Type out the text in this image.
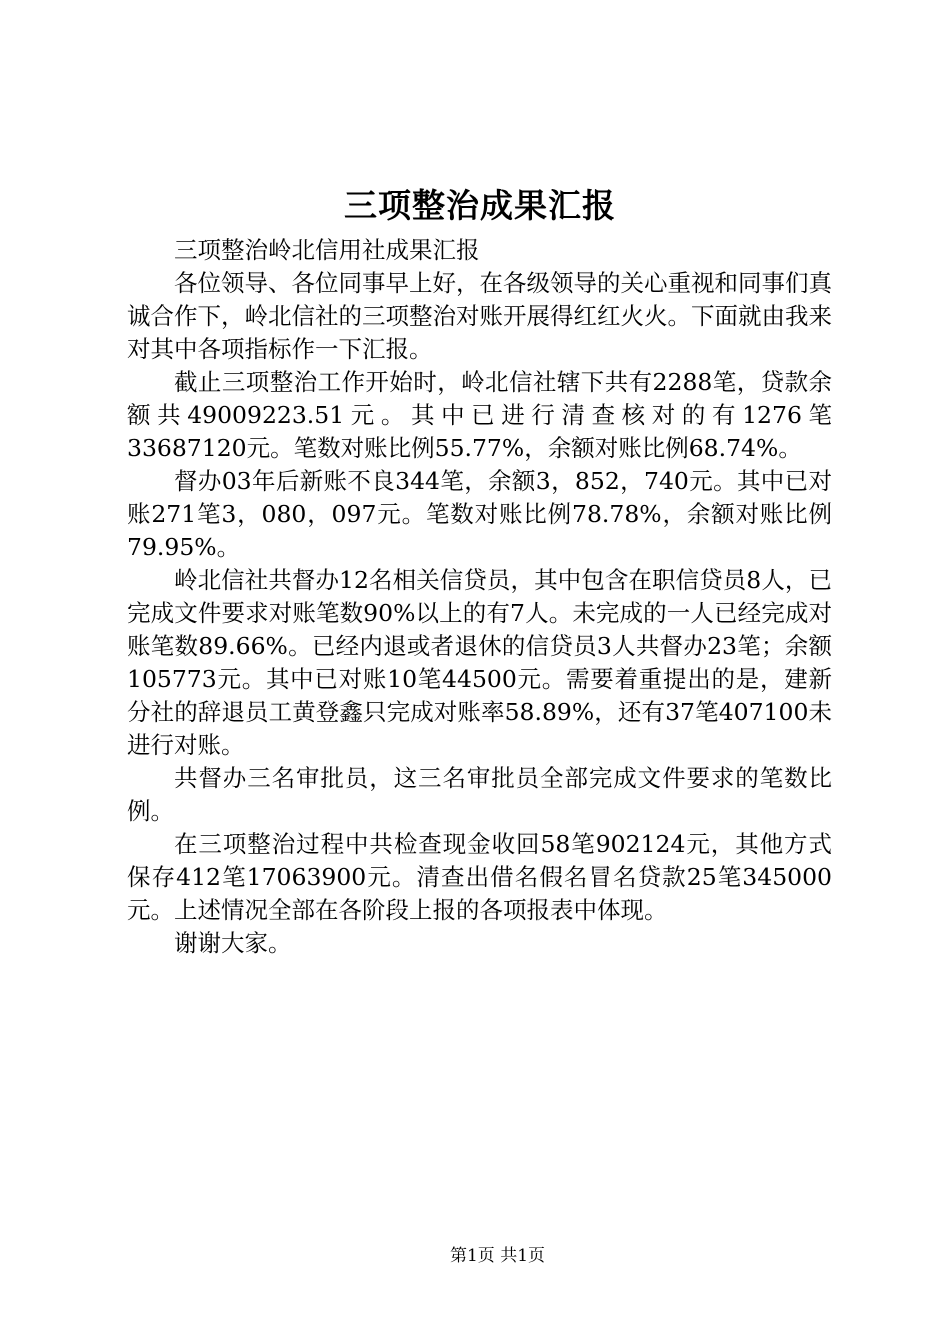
三项整治成果汇报

三项整治岭北信用社成果汇报

各位领导、各位同事早上好，在各级领导的关心重视和同事们真诚合作下，岭北信社的三项整治对账开展得红红火火。下面就由我来对其中各项指标作一下汇报。

截止三项整治工作开始时，岭北信社辖下共有2288笔，贷款余额共49009223.51元。其中已进行清查核对的有1276笔33687120元。笔数对账比例55.77%，余额对账比例68.74%。

督办03年后新账不良344笔，余额3，852，740元。其中已对账271笔3，080，097元。笔数对账比例78.78%，余额对账比例79.95%。

岭北信社共督办12名相关信贷员，其中包含在职信贷员8人，已完成文件要求对账笔数90%以上的有7人。未完成的一人已经完成对账笔数89.66%。已经内退或者退休的信贷员3人共督办23笔；余额105773元。其中已对账10笔44500元。需要着重提出的是，建新分社的辞退员工黄登鑫只完成对账率58.89%，还有37笔407100未进行对账。

共督办三名审批员，这三名审批员全部完成文件要求的笔数比例。

在三项整治过程中共检查现金收回58笔902124元，其他方式保存412笔17063900元。清查出借名假名冒名贷款25笔345000元。上述情况全部在各阶段上报的各项报表中体现。

谢谢大家。

第1页 共1页
